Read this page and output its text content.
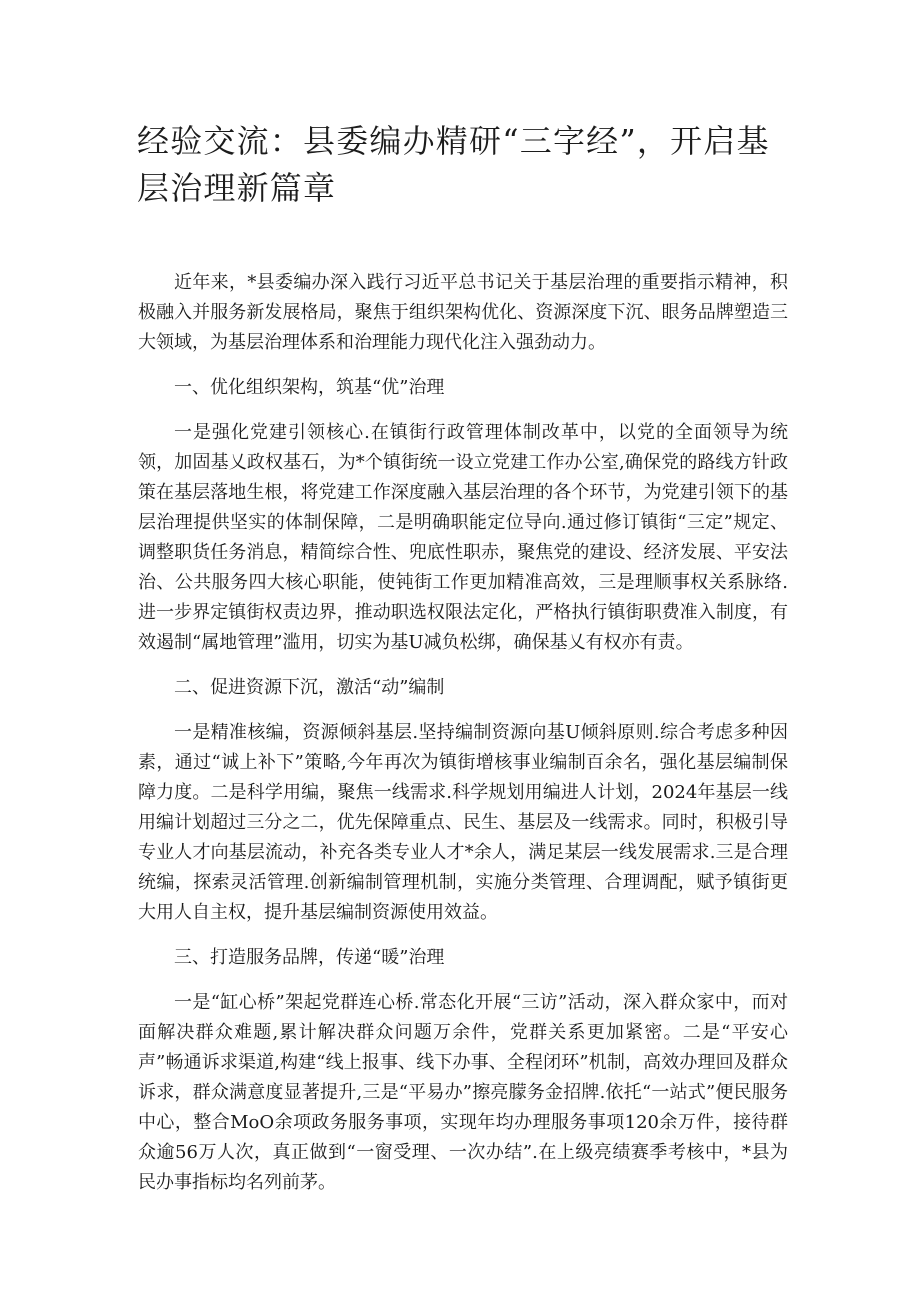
经验交流：县委编办精研“三字经”，开启基层治理新篇章

近年来，*县委编办深入践行习近平总书记关于基层治理的重要指示精神，积极融入并服务新发展格局，聚焦于组织架构优化、资源深度下沉、眼务品牌塑造三大领域，为基层治理体系和治理能力现代化注入强劲动力。

一、优化组织架构，筑基“优”治理

一是强化党建引领核心.在镇街行政管理体制改革中，以党的全面领导为统领，加固基乂政权基石，为*个镇街统一设立党建工作办公室,确保党的路线方针政策在基层落地生根，将党建工作深度融入基层治理的各个环节，为党建引领下的基层治理提供坚实的体制保障，二是明确职能定位导向.通过修订镇街“三定”规定、调整职货任务消息，精简综合性、兜底性职赤，聚焦党的建设、经济发展、平安法治、公共服务四大核心职能，使钝街工作更加精准高效，三是理顺事权关系脉络.进一步界定镇街权责边界，推动职选权限法定化，严格执行镇街职费准入制度，有效遏制“属地管理”滥用，切实为基U减负松绑，确保基乂有权亦有责。

二、促进资源下沉，激活“动”编制

一是精准核编，资源倾斜基层.坚持编制资源向基U倾斜原则.综合考虑多种因素，通过“诚上补下”策略,今年再次为镇街增核事业编制百余名，强化基层编制保障力度。二是科学用编，聚焦一线需求.科学规划用编进人计划，2024年基层一线用编计划超过三分之二，优先保障重点、民生、基层及一线需求。同时，积极引导专业人才向基层流动，补充各类专业人才*余人，满足某层一线发展需求.三是合理统编，探索灵活管理.创新编制管理机制，实施分类管理、合理调配，赋予镇街更大用人自主权，提升基层编制资源使用效益。

三、打造服务品牌，传递“暖”治理

一是“缸心桥”架起党群连心桥.常态化开展“三访”活动，深入群众家中，而对面解决群众难题,累计解决群众问题万余件，党群关系更加紧密。二是“平安心声”畅通诉求渠道,构建“线上报事、线下办事、全程闭环”机制，高效办理回及群众诉求，群众满意度显著提升,三是“平易办”擦亮朦务金招牌.依托“一站式”便民服务中心，整合MoO余项政务服务事项，实现年均办理服务事项120余万件，接待群众逾56万人次，真正做到“一窗受理、一次办结”.在上级亮绩赛季考核中，*县为民办事指标均名列前茅。
